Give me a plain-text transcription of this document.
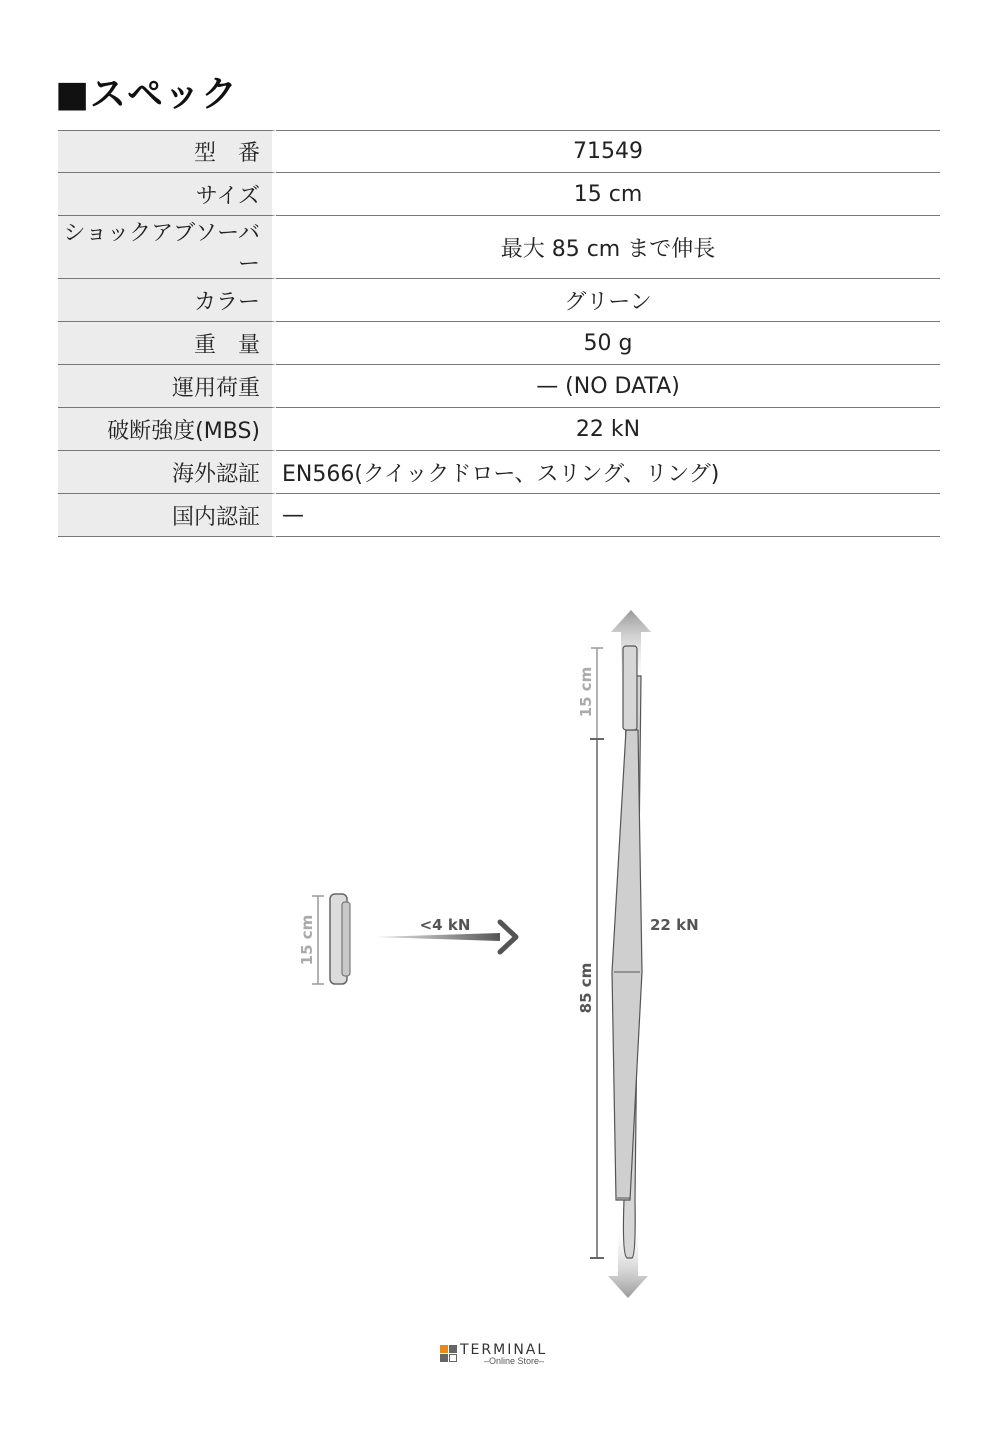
■スペック
型　番	71549
サイズ	15 cm
ショックアブソーバー	最大 85 cm まで伸長
カラー	グリーン
重　量	50 g
運用荷重	— (NO DATA)
破断強度(MBS)	22 kN
海外認証	EN566(クイックドロー、スリング、リング)
国内認証	—
15 cm	<4 kN
15 cm
85 cm
22 kN
TERMINAL
–Online Store–
